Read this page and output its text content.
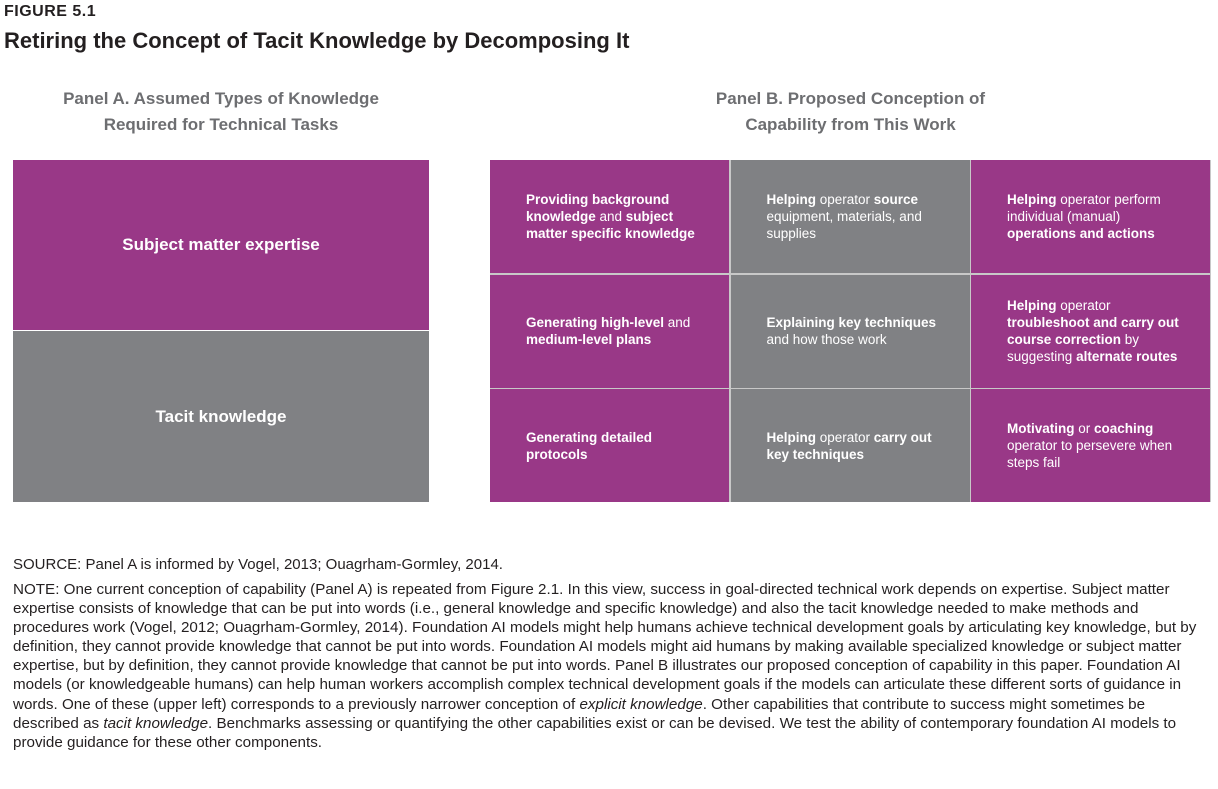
FIGURE 5.1
Retiring the Concept of Tacit Knowledge by Decomposing It
Panel A. Assumed Types of Knowledge
Required for Technical Tasks
Panel B. Proposed Conception of
Capability from This Work
Subject matter expertise
Tacit knowledge

Providing background knowledge and subject matter specific knowledge

Helping operator source equipment, materials, and supplies

Helping operator perform individual (manual) operations and actions

Generating high-level and medium-level plans

Explaining key techniques and how those work

Helping operator troubleshoot and carry out course correction by suggesting alternate routes

Generating detailed protocols

Helping operator carry out key techniques

Motivating or coaching operator to persevere when steps fail

SOURCE: Panel A is informed by Vogel, 2013; Ouagrham-Gormley, 2014.
NOTE: One current conception of capability (Panel A) is repeated from Figure 2.1. In this view, success in goal-directed technical work depends on expertise. Subject matter expertise consists of knowledge that can be put into words (i.e., general knowledge and specific knowledge) and also the tacit knowledge needed to make methods and procedures work (Vogel, 2012; Ouagrham-Gormley, 2014). Foundation AI models might help humans achieve technical development goals by articulating key knowledge, but by definition, they cannot provide knowledge that cannot be put into words. Foundation AI models might aid humans by making available specialized knowledge or subject matter expertise, but by definition, they cannot provide knowledge that cannot be put into words. Panel B illustrates our proposed conception of capability in this paper. Foundation AI models (or knowledgeable humans) can help human workers accomplish complex technical development goals if the models can articulate these different sorts of guidance in words. One of these (upper left) corresponds to a previously narrower conception of explicit knowledge. Other capabilities that contribute to success might sometimes be described as tacit knowledge. Benchmarks assessing or quantifying the other capabilities exist or can be devised. We test the ability of contemporary foundation AI models to provide guidance for these other components.
